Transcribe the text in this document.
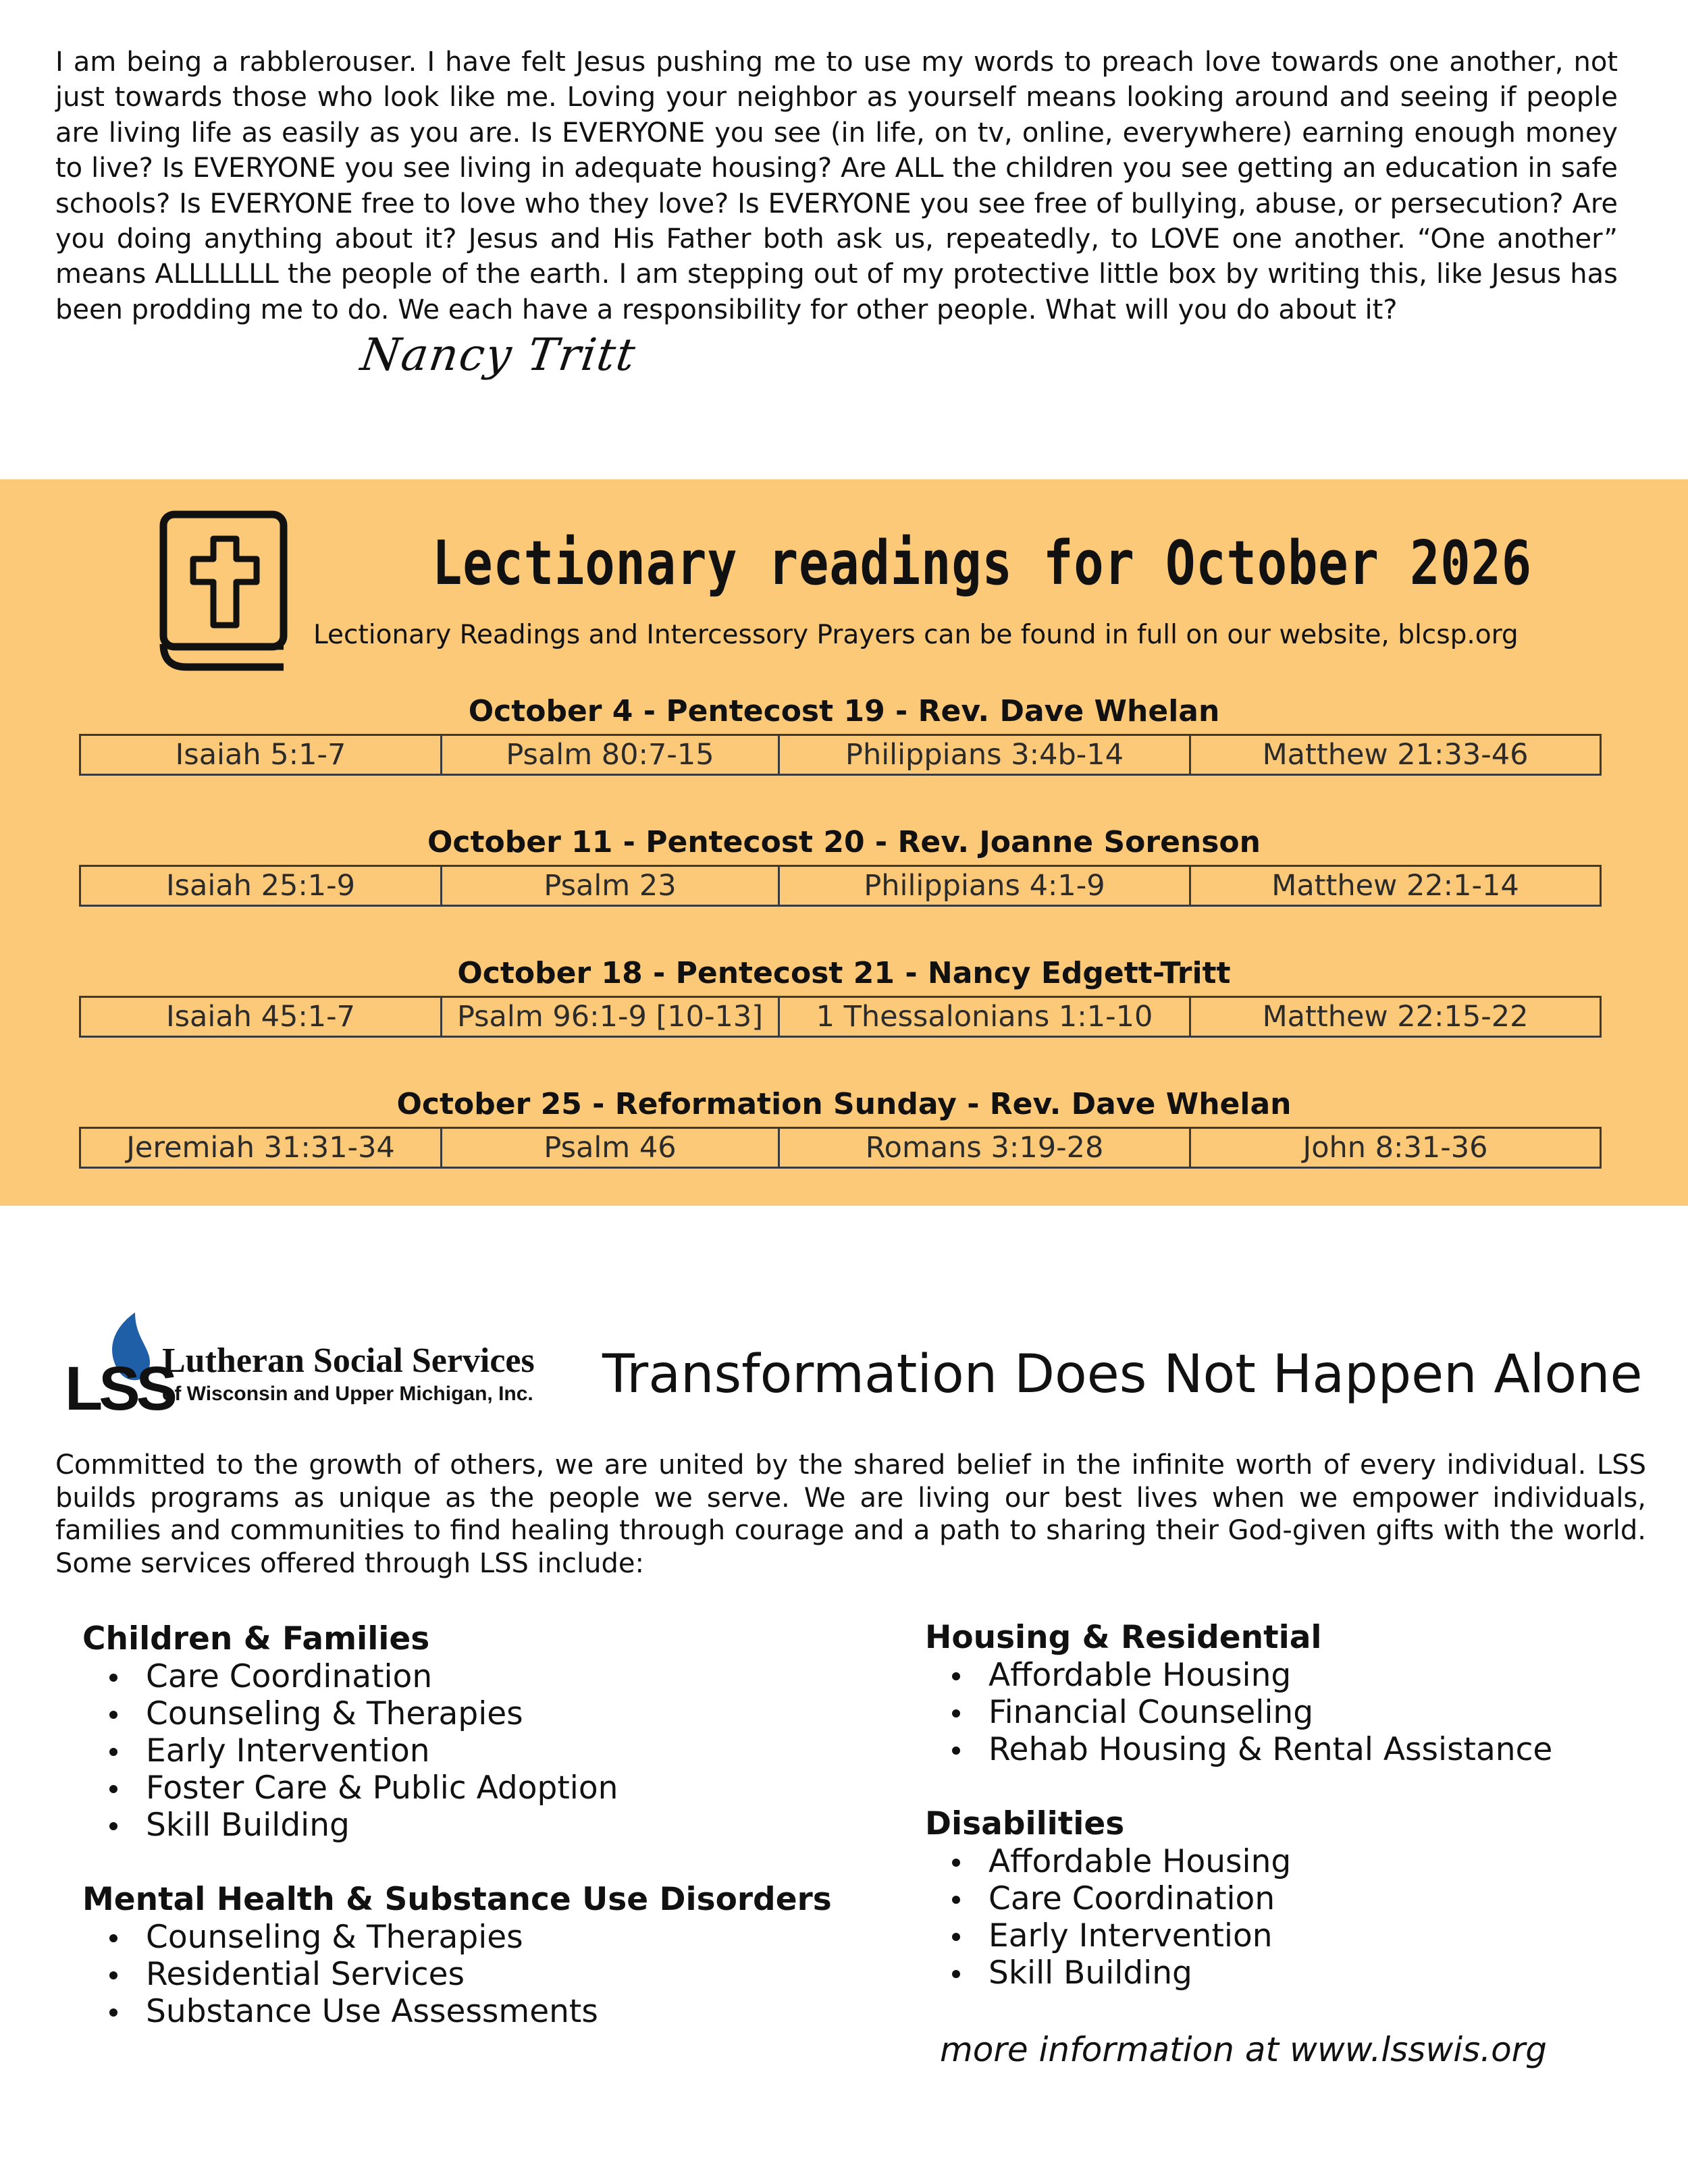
I am being a rabblerouser. I have felt Jesus pushing me to use my words to preach love towards one another, not just towards those who look like me. Loving your neighbor as yourself means looking around and seeing if people are living life as easily as you are. Is EVERYONE you see (in life, on tv, online, everywhere) earning enough money to live? Is EVERYONE you see living in adequate housing? Are ALL the children you see getting an education in safe schools? Is EVERYONE free to love who they love? Is EVERYONE you see free of bullying, abuse, or persecution? Are you doing anything about it? Jesus and His Father both ask us, repeatedly, to LOVE one another. “One another” means ALLLLLLL the people of the earth. I am stepping out of my protective little box by writing this, like Jesus has been prodding me to do. We each have a responsibility for other people. What will you do about it?
Nancy Tritt
Lectionary readings for October 2026
Lectionary Readings and Intercessory Prayers can be found in full on our website, blcsp.org
October 4 - Pentecost 19 - Rev. Dave Whelan
Isaiah 5:1-7	Psalm 80:7-15	Philippians 3:4b-14	Matthew 21:33-46
October 11 - Pentecost 20 - Rev. Joanne Sorenson
Isaiah 25:1-9	Psalm 23	Philippians 4:1-9	Matthew 22:1-14
October 18 - Pentecost 21 - Nancy Edgett-Tritt
Isaiah 45:1-7	Psalm 96:1-9 [10-13]	1 Thessalonians 1:1-10	Matthew 22:15-22
October 25 - Reformation Sunday - Rev. Dave Whelan
Jeremiah 31:31-34	Psalm 46	Romans 3:19-28	John 8:31-36
LSS
Lutheran Social Services
of Wisconsin and Upper Michigan, Inc. Transformation Does Not Happen Alone
Committed to the growth of others, we are united by the shared belief in the infinite worth of every individual. LSS builds programs as unique as the people we serve. We are living our best lives when we empower individuals, families and communities to find healing through courage and a path to sharing their God-given gifts with the world. Some services offered through LSS include:

Children & Families

Care Coordination
Counseling & Therapies
Early Intervention
Foster Care & Public Adoption
Skill Building

Mental Health & Substance Use Disorders

Counseling & Therapies
Residential Services
Substance Use Assessments

Housing & Residential

Affordable Housing
Financial Counseling
Rehab Housing & Rental Assistance

Disabilities

Affordable Housing
Care Coordination
Early Intervention
Skill Building
more information at www.lsswis.org
